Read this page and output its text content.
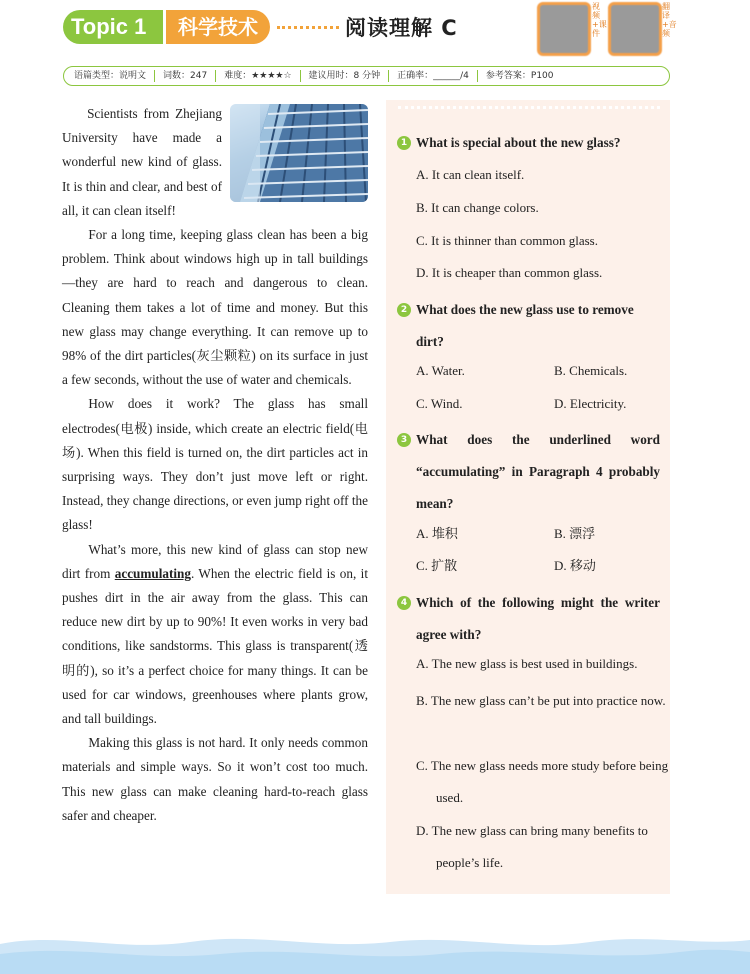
Topic 1	科学技术	阅读理解 C
视频+课件
翻译+音频
语篇类型：说明文	词数：247	难度：★★★★☆	建议用时：8 分钟	正确率：______/4	参考答案：P100

Scientists from Zhejiang University have made a wonderful new kind of glass. It is thin and clear, and best of all, it can clean itself!

For a long time, keeping glass clean has been a big problem. Think about windows high up in tall buildings—they are hard to reach and dangerous to clean. Cleaning them takes a lot of time and money. But this new glass may change everything. It can remove up to 98% of the dirt particles(灰尘颗粒) on its surface in just a few seconds, without the use of water and chemicals.

How does it work? The glass has small electrodes(电极) inside, which create an electric field(电场). When this field is turned on, the dirt particles act in surprising ways. They don’t just move left or right. Instead, they change directions, or even jump right off the glass!

What’s more, this new kind of glass can stop new dirt from accumulating. When the electric field is on, it pushes dirt in the air away from the glass. This can reduce new dirt by up to 90%! It even works in very bad conditions, like sandstorms. This glass is transparent(透明的), so it’s a perfect choice for many things. It can be used for car windows, greenhouses where plants grow, and tall buildings.

Making this glass is not hard. It only needs common materials and simple ways. So it won’t cost too much. This new glass can make cleaning hard-to-reach glass safer and cheaper.

1 What is special about the new glass?
A. It can clean itself.
B. It can change colors.
C. It is thinner than common glass.
D. It is cheaper than common glass.
2 What does the new glass use to remove dirt?
A. Water.	B. Chemicals.
C. Wind.	D. Electricity.
3 What does the underlined word “accumulating” in Paragraph 4 probably mean?
A. 堆积	B. 漂浮
C. 扩散	D. 移动
4 Which of the following might the writer agree with?
A. The new glass is best used in buildings.
B. The new glass can’t be put into practice now.
C. The new glass needs more study before being used.
D. The new glass can bring many benefits to people’s life.
